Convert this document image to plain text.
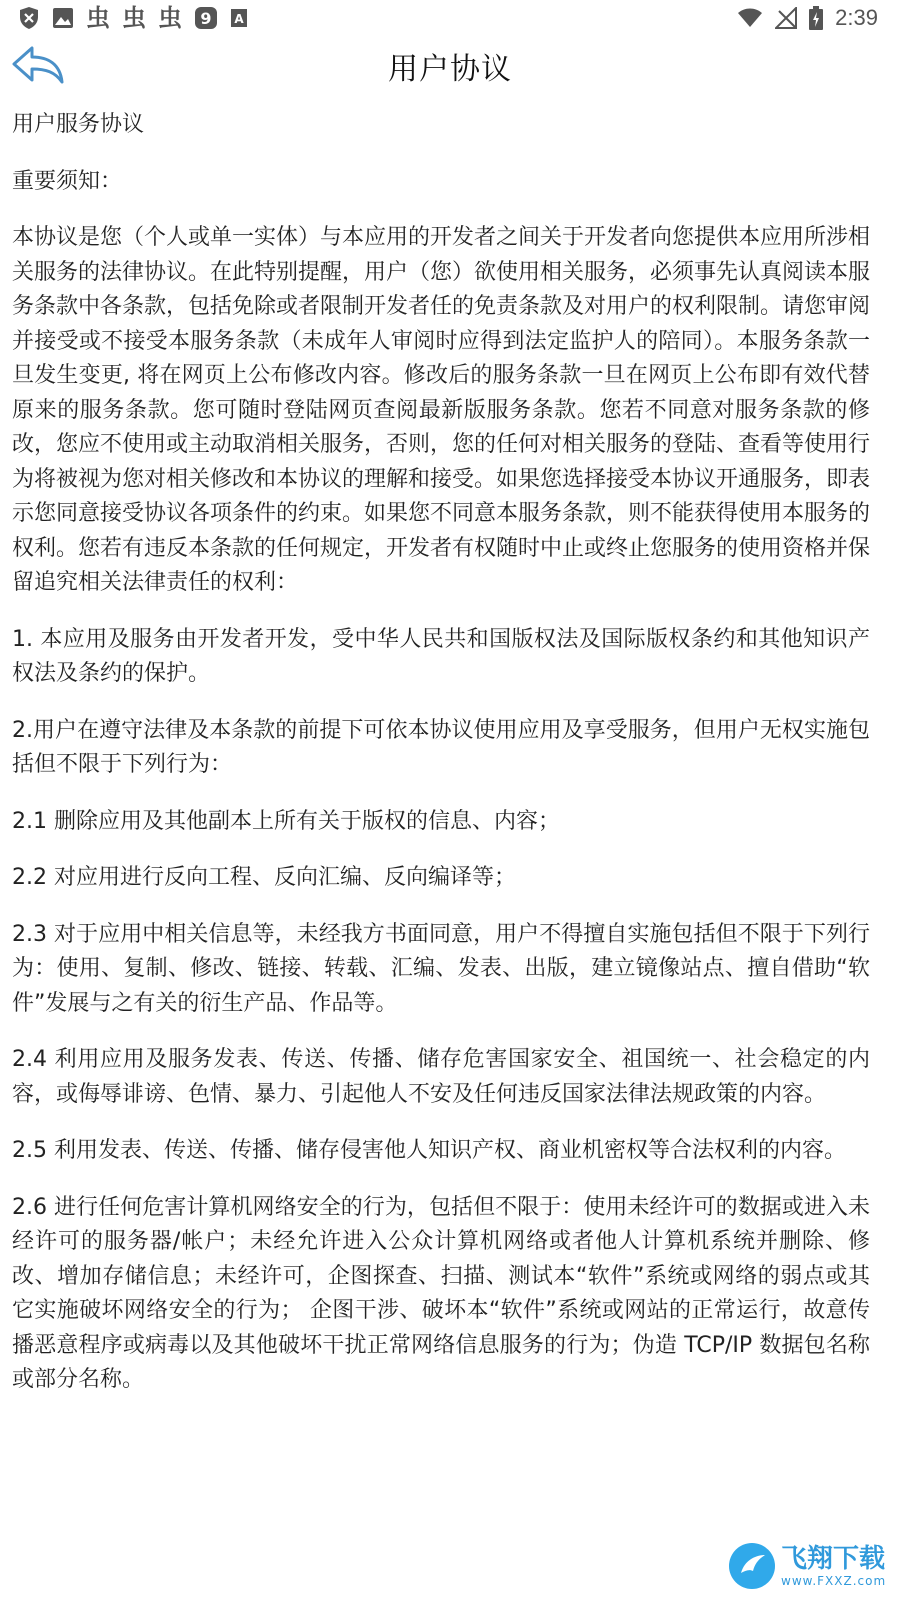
虫 虫 虫 9 A	2:39
用户协议

用户服务协议

重要须知：

本协议是您（个人或单一实体）与本应用的开发者之间关于开发者向您提供本应用所涉相关服务的法律协议。在此特别提醒，用户（您）欲使用相关服务，必须事先认真阅读本服务条款中各条款，包括免除或者限制开发者任的免责条款及对用户的权利限制。请您审阅并接受或不接受本服务条款（未成年人审阅时应得到法定监护人的陪同）。本服务条款一旦发生变更, 将在网页上公布修改内容。修改后的服务条款一旦在网页上公布即有效代替原来的服务条款。您可随时登陆网页查阅最新版服务条款。您若不同意对服务条款的修改，您应不使用或主动取消相关服务，否则，您的任何对相关服务的登陆、查看等使用行为将被视为您对相关修改和本协议的理解和接受。如果您选择接受本协议开通服务，即表示您同意接受协议各项条件的约束。如果您不同意本服务条款，则不能获得使用本服务的权利。您若有违反本条款的任何规定，开发者有权随时中止或终止您服务的使用资格并保留追究相关法律责任的权利：

1. 本应用及服务由开发者开发，受中华人民共和国版权法及国际版权条约和其他知识产权法及条约的保护。

2.用户在遵守法律及本条款的前提下可依本协议使用应用及享受服务，但用户无权实施包括但不限于下列行为：

2.1 删除应用及其他副本上所有关于版权的信息、内容；

2.2 对应用进行反向工程、反向汇编、反向编译等；

2.3 对于应用中相关信息等，未经我方书面同意，用户不得擅自实施包括但不限于下列行为：使用、复制、修改、链接、转载、汇编、发表、出版，建立镜像站点、擅自借助“软件”发展与之有关的衍生产品、作品等。

2.4 利用应用及服务发表、传送、传播、储存危害国家安全、祖国统一、社会稳定的内容，或侮辱诽谤、色情、暴力、引起他人不安及任何违反国家法律法规政策的内容。

2.5 利用发表、传送、传播、储存侵害他人知识产权、商业机密权等合法权利的内容。

2.6 进行任何危害计算机网络安全的行为，包括但不限于：使用未经许可的数据或进入未经许可的服务器/帐户；未经允许进入公众计算机网络或者他人计算机系统并删除、修改、增加存储信息；未经许可，企图探查、扫描、测试本“软件”系统或网络的弱点或其它实施破坏网络安全的行为； 企图干涉、破坏本“软件”系统或网站的正常运行，故意传播恶意程序或病毒以及其他破坏干扰正常网络信息服务的行为；伪造 TCP/IP 数据包名称或部分名称。

飞翔下载
www.FXXZ.com
